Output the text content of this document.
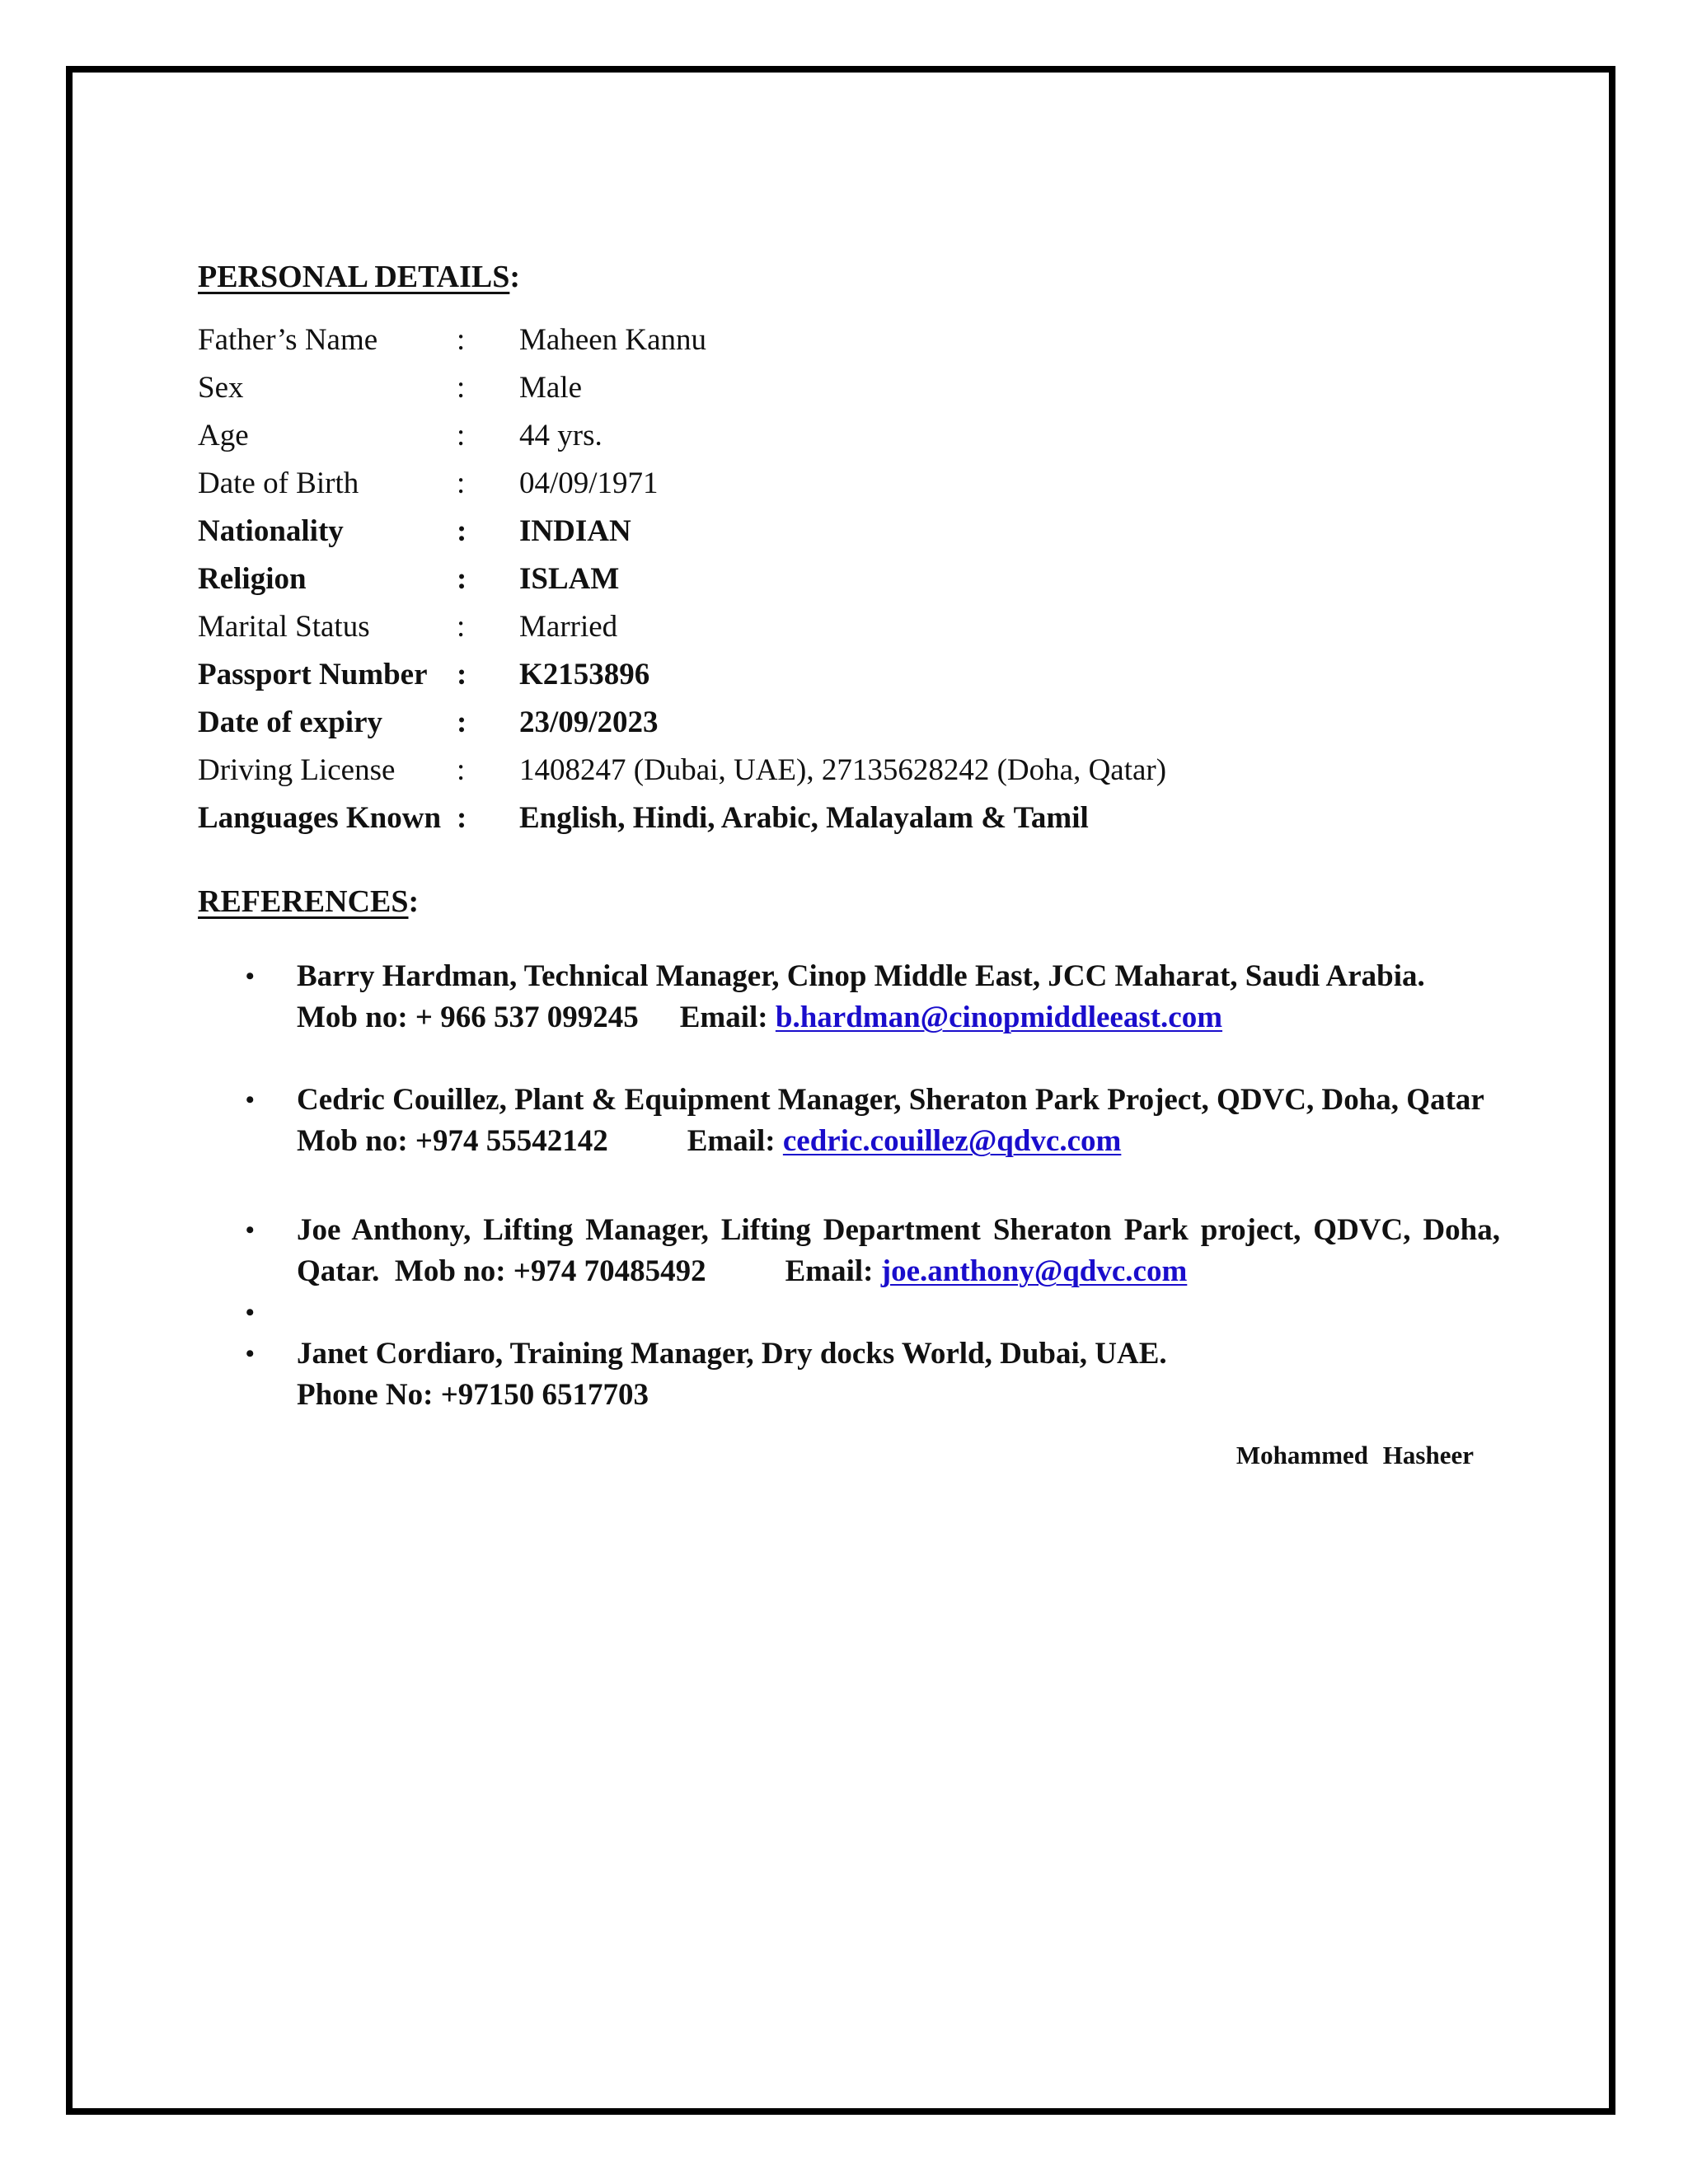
PERSONAL DETAILS:
Father’s Name	:	Maheen Kannu
Sex	:	Male
Age	:	44 yrs.
Date of Birth	:	04/09/1971
Nationality	:	INDIAN
Religion	:	ISLAM
Marital Status	:	Married
Passport Number :	K2153896
Date of expiry	:	23/09/2023
Driving License	:	1408247 (Dubai, UAE), 27135628242 (Doha, Qatar)
Languages Known :	English, Hindi, Arabic, Malayalam & Tamil
REFERENCES:
• Barry Hardman, Technical Manager, Cinop Middle East, JCC Maharat, Saudi Arabia.
Mob no: + 966 537 099245 Email: b.hardman@cinopmiddleeast.com
• Cedric Couillez, Plant & Equipment Manager, Sheraton Park Project, QDVC, Doha, Qatar
Mob no: +974 55542142	Email: cedric.couillez@qdvc.com
• Joe Anthony, Lifting Manager, Lifting Department Sheraton Park project, QDVC, Doha,
Qatar. Mob no: +974 70485492	Email: joe.anthony@qdvc.com
•
• Janet Cordiaro, Training Manager, Dry docks World, Dubai, UAE.
Phone No: +97150 6517703
Mohammed Hasheer
